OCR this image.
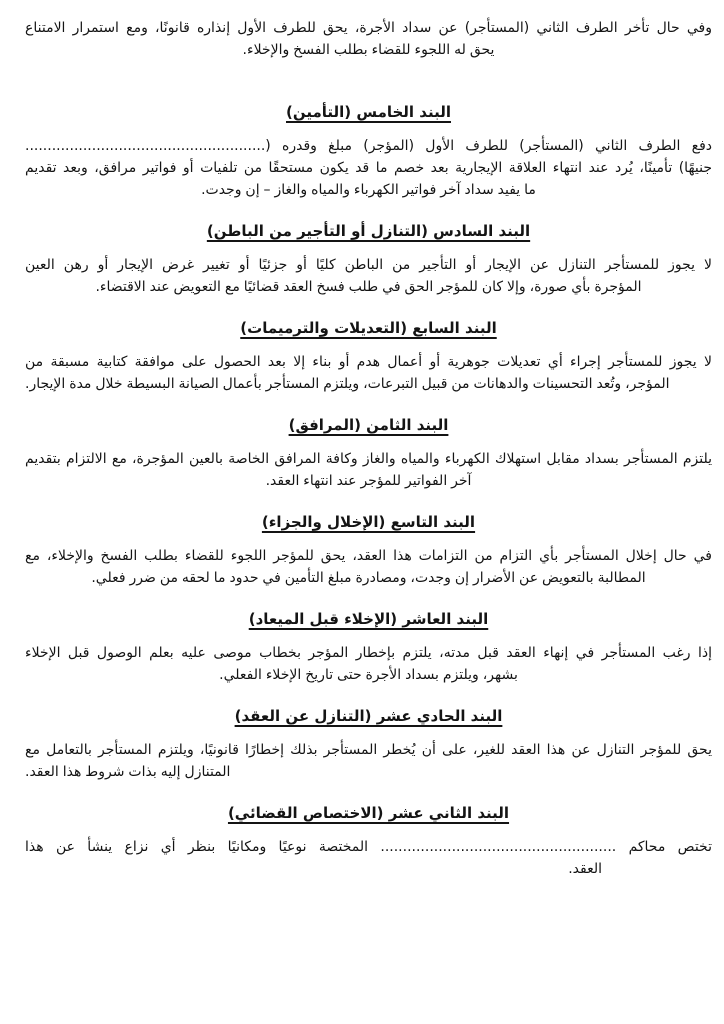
وفي حال تأخر الطرف الثاني (المستأجر) عن سداد الأجرة، يحق للطرف الأول إنذاره قانونًا، ومع استمرار الامتناع
يحق له اللجوء للقضاء بطلب الفسخ والإخلاء.

البند الخامس (التأمين)

دفع الطرف الثاني (المستأجر) للطرف الأول (المؤجر) مبلغ وقدره (......................................................
جنيهًا) تأمينًا، يُرد عند انتهاء العلاقة الإيجارية بعد خصم ما قد يكون مستحقًا من تلفيات أو فواتير مرافق، وبعد تقديم
ما يفيد سداد آخر فواتير الكهرباء والمياه والغاز – إن وجدت.

البند السادس (التنازل أو التأجير من الباطن)

لا يجوز للمستأجر التنازل عن الإيجار أو التأجير من الباطن كليًا أو جزئيًا أو تغيير غرض الإيجار أو رهن العين
المؤجرة بأي صورة، وإلا كان للمؤجر الحق في طلب فسخ العقد قضائيًا مع التعويض عند الاقتضاء.

البند السابع (التعديلات والترميمات)

لا يجوز للمستأجر إجراء أي تعديلات جوهرية أو أعمال هدم أو بناء إلا بعد الحصول على موافقة كتابية مسبقة من
المؤجر، وتُعد التحسينات والدهانات من قبيل التبرعات، ويلتزم المستأجر بأعمال الصيانة البسيطة خلال مدة الإيجار.

البند الثامن (المرافق)

يلتزم المستأجر بسداد مقابل استهلاك الكهرباء والمياه والغاز وكافة المرافق الخاصة بالعين المؤجرة، مع الالتزام بتقديم
آخر الفواتير للمؤجر عند انتهاء العقد.

البند التاسع (الإخلال والجزاء)

في حال إخلال المستأجر بأي التزام من التزامات هذا العقد، يحق للمؤجر اللجوء للقضاء بطلب الفسخ والإخلاء، مع
المطالبة بالتعويض عن الأضرار إن وجدت، ومصادرة مبلغ التأمين في حدود ما لحقه من ضرر فعلي.

البند العاشر (الإخلاء قبل الميعاد)

إذا رغب المستأجر في إنهاء العقد قبل مدته، يلتزم بإخطار المؤجر بخطاب موصى عليه بعلم الوصول قبل الإخلاء
بشهر، ويلتزم بسداد الأجرة حتى تاريخ الإخلاء الفعلي.

البند الحادي عشر (التنازل عن العقد)

يحق للمؤجر التنازل عن هذا العقد للغير، على أن يُخطر المستأجر بذلك إخطارًا قانونيًا، ويلتزم المستأجر بالتعامل مع
المتنازل إليه بذات شروط هذا العقد.

البند الثاني عشر (الاختصاص القضائي)

تختص محاكم ..................................................... المختصة نوعيًا ومكانيًا بنظر أي نزاع ينشأ عن هذا
العقد.
